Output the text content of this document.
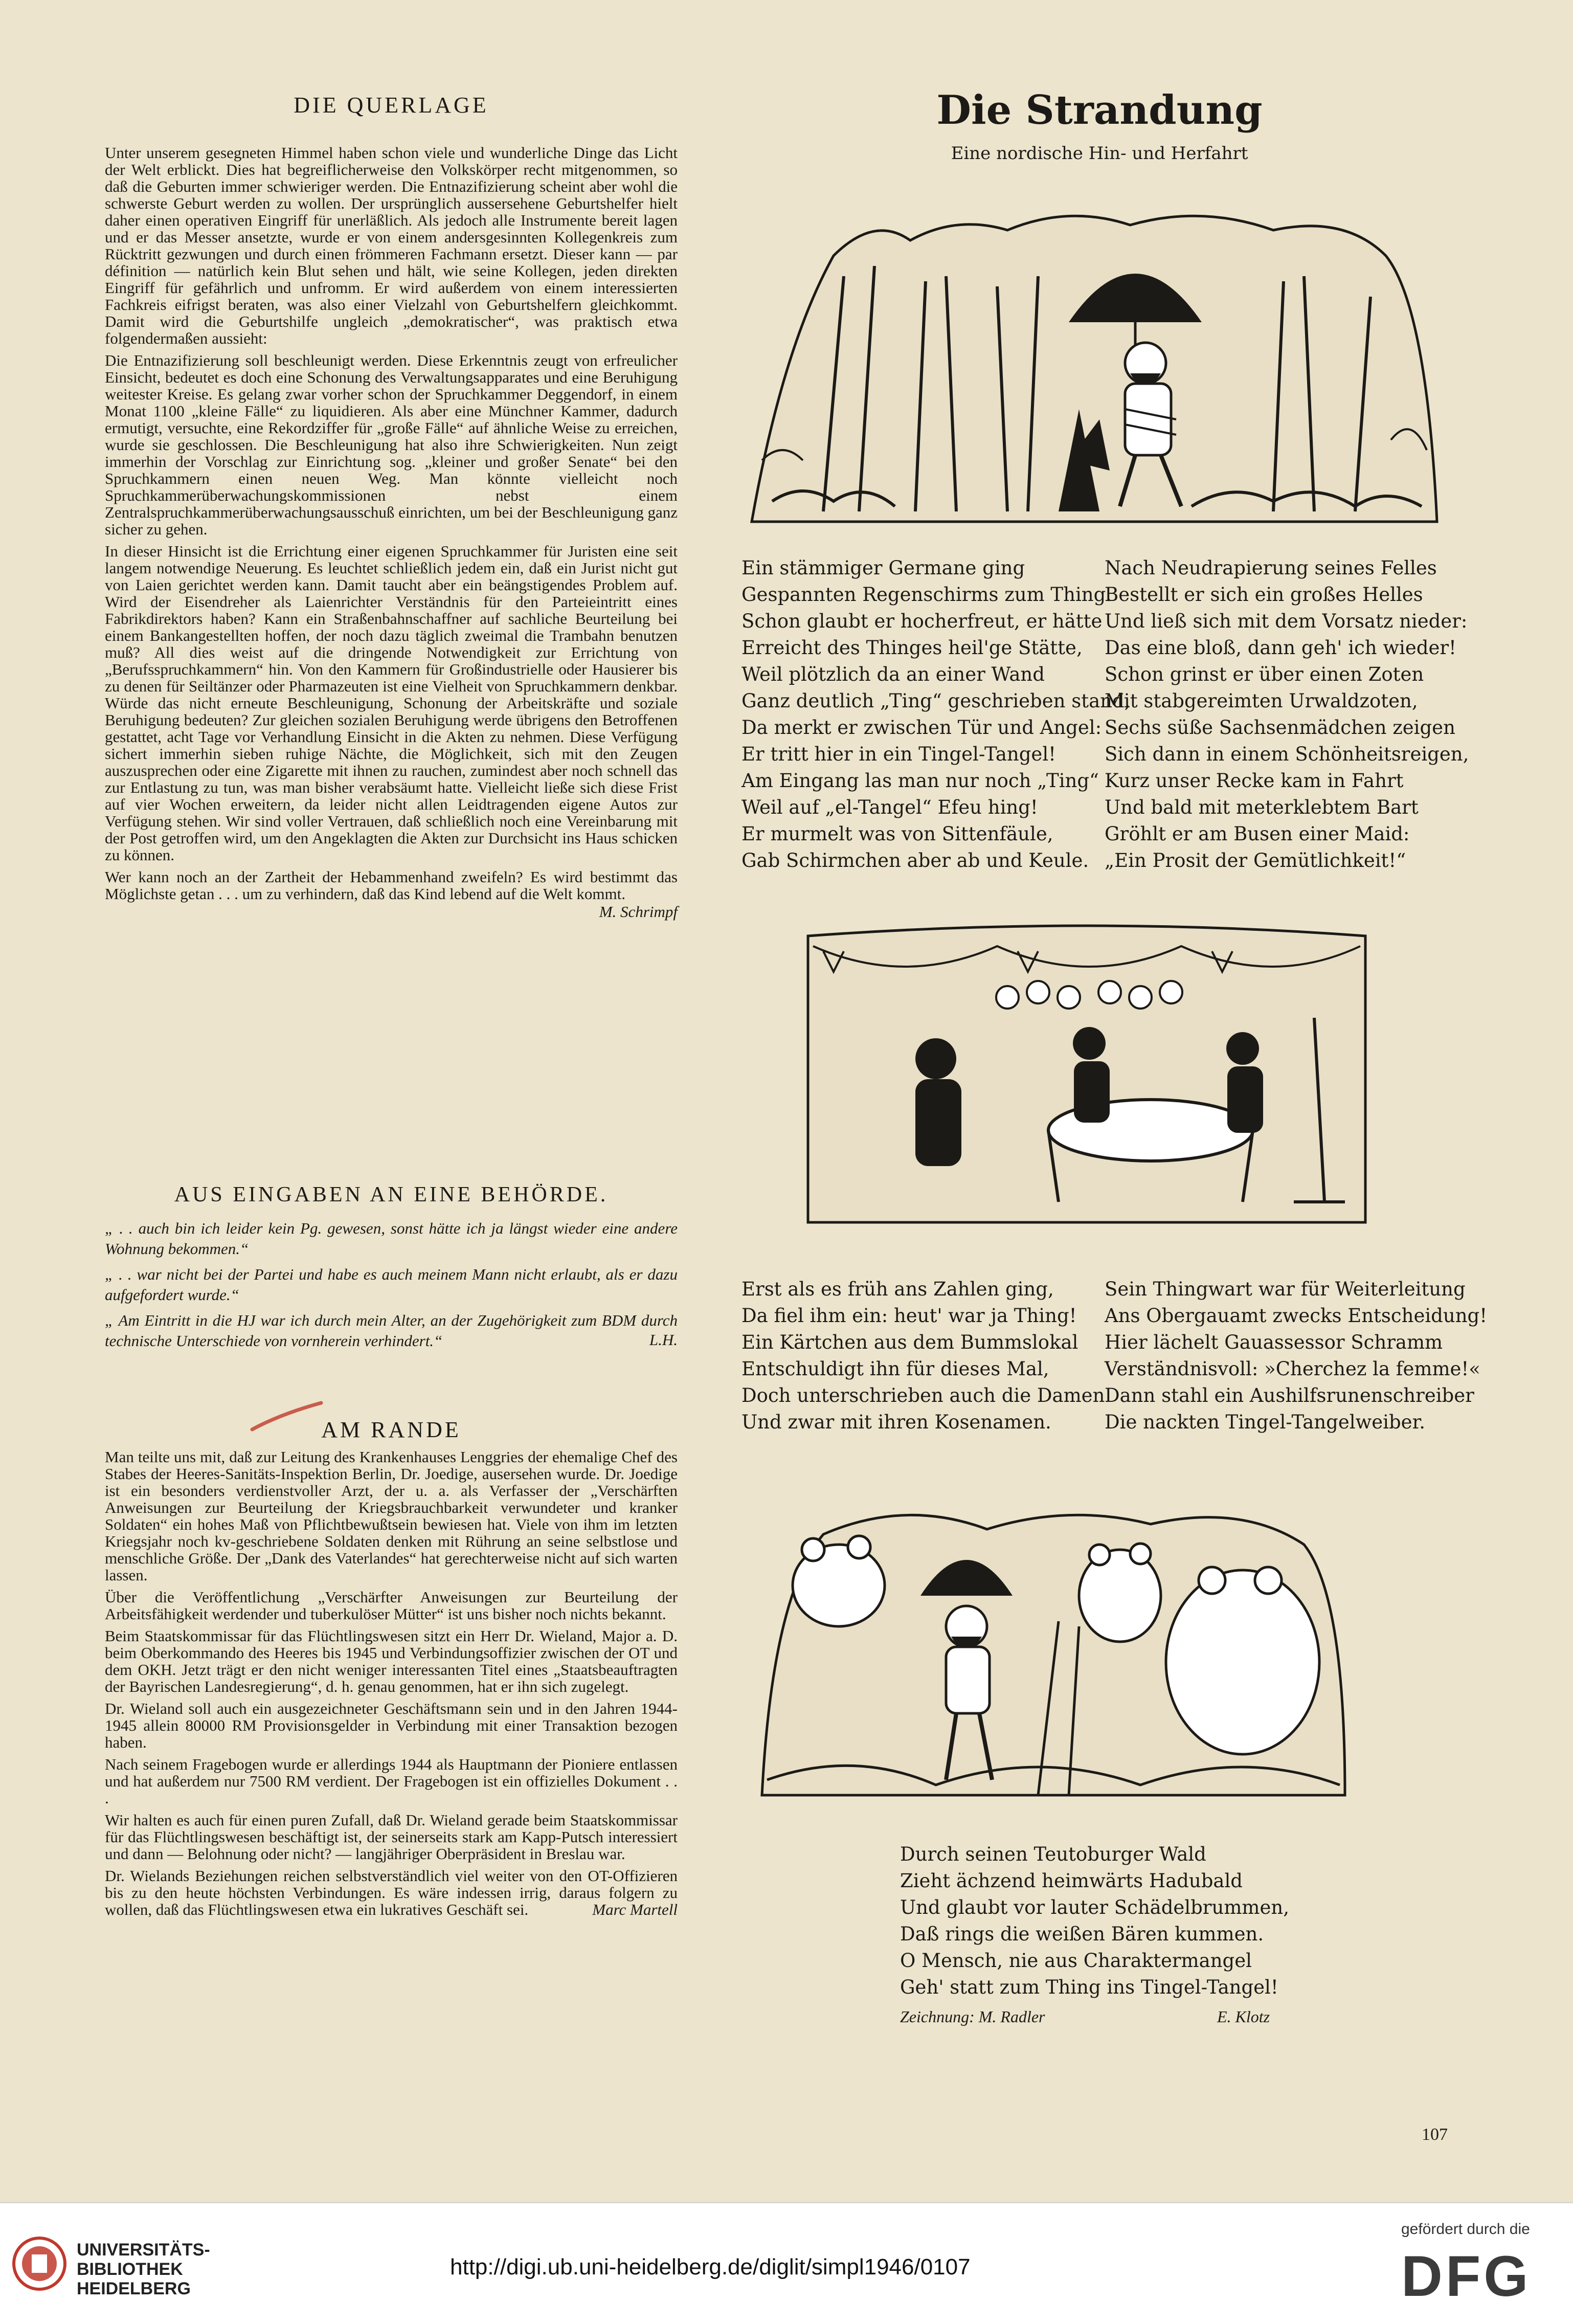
DIE QUERLAGE

Unter unserem gesegneten Himmel haben schon viele und wunderliche Dinge das Licht der Welt erblickt. Dies hat begreiflicherweise den Volkskörper recht mitgenommen, so daß die Geburten immer schwieriger werden. Die Entnazifizierung scheint aber wohl die schwerste Geburt werden zu wollen. Der ursprünglich aussersehene Geburtshelfer hielt daher einen operativen Eingriff für unerläßlich. Als jedoch alle Instrumente bereit lagen und er das Messer ansetzte, wurde er von einem andersgesinnten Kollegenkreis zum Rücktritt gezwungen und durch einen frömmeren Fachmann ersetzt. Dieser kann — par définition — natürlich kein Blut sehen und hält, wie seine Kollegen, jeden direkten Eingriff für gefährlich und unfromm. Er wird außerdem von einem interessierten Fachkreis eifrigst beraten, was also einer Vielzahl von Geburtshelfern gleichkommt. Damit wird die Geburtshilfe ungleich „demokratischer“, was praktisch etwa folgendermaßen aussieht:

Die Entnazifizierung soll beschleunigt werden. Diese Erkenntnis zeugt von erfreulicher Einsicht, bedeutet es doch eine Schonung des Verwaltungsapparates und eine Beruhigung weitester Kreise. Es gelang zwar vorher schon der Spruchkammer Deggendorf, in einem Monat 1100 „kleine Fälle“ zu liquidieren. Als aber eine Münchner Kammer, dadurch ermutigt, versuchte, eine Rekordziffer für „große Fälle“ auf ähnliche Weise zu erreichen, wurde sie geschlossen. Die Beschleunigung hat also ihre Schwierigkeiten. Nun zeigt immerhin der Vorschlag zur Einrichtung sog. „kleiner und großer Senate“ bei den Spruchkammern einen neuen Weg. Man könnte vielleicht noch Spruchkammerüberwachungskommissionen nebst einem Zentralspruchkammerüberwachungsausschuß einrichten, um bei der Beschleunigung ganz sicher zu gehen.

In dieser Hinsicht ist die Errichtung einer eigenen Spruchkammer für Juristen eine seit langem notwendige Neuerung. Es leuchtet schließlich jedem ein, daß ein Jurist nicht gut von Laien gerichtet werden kann. Damit taucht aber ein beängstigendes Problem auf. Wird der Eisendreher als Laienrichter Verständnis für den Parteieintritt eines Fabrikdirektors haben? Kann ein Straßenbahnschaffner auf sachliche Beurteilung bei einem Bankangestellten hoffen, der noch dazu täglich zweimal die Trambahn benutzen muß? All dies weist auf die dringende Notwendigkeit zur Errichtung von „Berufsspruchkammern“ hin. Von den Kammern für Großindustrielle oder Hausierer bis zu denen für Seiltänzer oder Pharmazeuten ist eine Vielheit von Spruchkammern denkbar. Würde das nicht erneute Beschleunigung, Schonung der Arbeitskräfte und soziale Beruhigung bedeuten? Zur gleichen sozialen Beruhigung werde übrigens den Betroffenen gestattet, acht Tage vor Verhandlung Einsicht in die Akten zu nehmen. Diese Verfügung sichert immerhin sieben ruhige Nächte, die Möglichkeit, sich mit den Zeugen auszusprechen oder eine Zigarette mit ihnen zu rauchen, zumindest aber noch schnell das zur Entlastung zu tun, was man bisher verabsäumt hatte. Vielleicht ließe sich diese Frist auf vier Wochen erweitern, da leider nicht allen Leidtragenden eigene Autos zur Verfügung stehen. Wir sind voller Vertrauen, daß schließlich noch eine Vereinbarung mit der Post getroffen wird, um den Angeklagten die Akten zur Durchsicht ins Haus schicken zu können.

Wer kann noch an der Zartheit der Hebammenhand zweifeln? Es wird bestimmt das Möglichste getan . . . um zu verhindern, daß das Kind lebend auf die Welt kommt.

M. Schrimpf
AUS EINGABEN AN EINE BEHÖRDE.

„ . . auch bin ich leider kein Pg. gewesen, sonst hätte ich ja längst wieder eine andere Wohnung bekommen.“

„ . . war nicht bei der Partei und habe es auch meinem Mann nicht erlaubt, als er dazu aufgefordert wurde.“

„ Am Eintritt in die HJ war ich durch mein Alter, an der Zugehörigkeit zum BDM durch technische Unterschiede von vornherein verhindert.“	L.H.
AM RANDE

Man teilte uns mit, daß zur Leitung des Krankenhauses Lenggries der ehemalige Chef des Stabes der Heeres-Sanitäts-Inspektion Berlin, Dr. Joedige, ausersehen wurde. Dr. Joedige ist ein besonders verdienstvoller Arzt, der u. a. als Verfasser der „Verschärften Anweisungen zur Beurteilung der Kriegsbrauchbarkeit verwundeter und kranker Soldaten“ ein hohes Maß von Pflichtbewußtsein bewiesen hat. Viele von ihm im letzten Kriegsjahr noch kv-geschriebene Soldaten denken mit Rührung an seine selbstlose und menschliche Größe. Der „Dank des Vaterlandes“ hat gerechterweise nicht auf sich warten lassen.

Über die Veröffentlichung „Verschärfter Anweisungen zur Beurteilung der Arbeitsfähigkeit werdender und tuberkulöser Mütter“ ist uns bisher noch nichts bekannt.

Beim Staatskommissar für das Flüchtlingswesen sitzt ein Herr Dr. Wieland, Major a. D. beim Oberkommando des Heeres bis 1945 und Verbindungsoffizier zwischen der OT und dem OKH. Jetzt trägt er den nicht weniger interessanten Titel eines „Staatsbeauftragten der Bayrischen Landesregierung“, d. h. genau genommen, hat er ihn sich zugelegt.

Dr. Wieland soll auch ein ausgezeichneter Geschäftsmann sein und in den Jahren 1944-1945 allein 80000 RM Provisionsgelder in Verbindung mit einer Transaktion bezogen haben.

Nach seinem Fragebogen wurde er allerdings 1944 als Hauptmann der Pioniere entlassen und hat außerdem nur 7500 RM verdient. Der Fragebogen ist ein offizielles Dokument . . .

Wir halten es auch für einen puren Zufall, daß Dr. Wieland gerade beim Staatskommissar für das Flüchtlingswesen beschäftigt ist, der seinerseits stark am Kapp-Putsch interessiert und dann — Belohnung oder nicht? — langjähriger Oberpräsident in Breslau war.

Dr. Wielands Beziehungen reichen selbstverständlich viel weiter von den OT-Offizieren bis zu den heute höchsten Verbindungen. Es wäre indessen irrig, daraus folgern zu wollen, daß das Flüchtlingswesen etwa ein lukratives Geschäft sei.	Marc Martell
Die Strandung
Eine nordische Hin- und Herfahrt
Ein stämmiger Germane ging
Gespannten Regenschirms zum Thing.
Schon glaubt er hocherfreut, er hätte
Erreicht des Thinges heil'ge Stätte,
Weil plötzlich da an einer Wand
Ganz deutlich „Ting“ geschrieben stand,
Da merkt er zwischen Tür und Angel:
Er tritt hier in ein Tingel-Tangel!
Am Eingang las man nur noch „Ting“
Weil auf „el-Tangel“ Efeu hing!
Er murmelt was von Sittenfäule,
Gab Schirmchen aber ab und Keule.
Nach Neudrapierung seines Felles
Bestellt er sich ein großes Helles
Und ließ sich mit dem Vorsatz nieder:
Das eine bloß, dann geh' ich wieder!
Schon grinst er über einen Zoten
Mit stabgereimten Urwaldzoten,
Sechs süße Sachsenmädchen zeigen
Sich dann in einem Schönheitsreigen,
Kurz unser Recke kam in Fahrt
Und bald mit meterklebtem Bart
Gröhlt er am Busen einer Maid:
„Ein Prosit der Gemütlichkeit!“
Erst als es früh ans Zahlen ging,
Da fiel ihm ein: heut' war ja Thing!
Ein Kärtchen aus dem Bummslokal
Entschuldigt ihn für dieses Mal,
Doch unterschrieben auch die Damen
Und zwar mit ihren Kosenamen.
Sein Thingwart war für Weiterleitung
Ans Obergauamt zwecks Entscheidung!
Hier lächelt Gauassessor Schramm
Verständnisvoll: »Cherchez la femme!«
Dann stahl ein Aushilfsrunenschreiber
Die nackten Tingel-Tangelweiber.
Durch seinen Teutoburger Wald
Zieht ächzend heimwärts Hadubald
Und glaubt vor lauter Schädelbrummen,
Daß rings die weißen Bären kummen.
O Mensch, nie aus Charaktermangel
Geh' statt zum Thing ins Tingel-Tangel!
Zeichnung: M. Radler	E. Klotz
107
UNIVERSITÄTS-
BIBLIOTHEK
HEIDELBERG
http://digi.ub.uni-heidelberg.de/diglit/simpl1946/0107
gefördert durch die
DFG
